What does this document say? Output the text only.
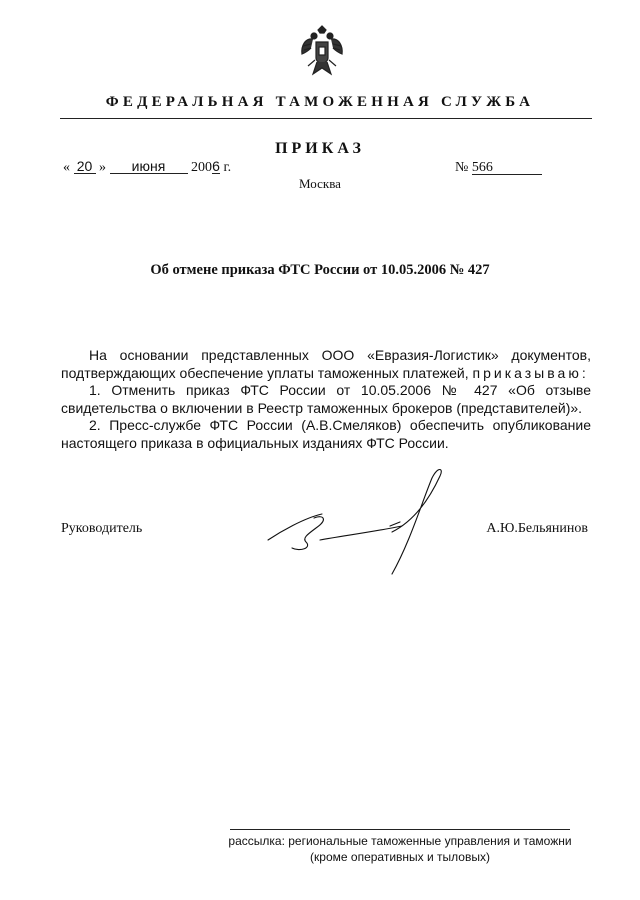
ФЕДЕРАЛЬНАЯ ТАМОЖЕННАЯ СЛУЖБА
ПРИКАЗ
« 20 » июня 2006 г.	№ 566
Москва
Об отмене приказа ФТС России от 10.05.2006 № 427

На основании представленных ООО «Евразия-Логистик» документов, подтверждающих обеспечение уплаты таможенных платежей, приказываю:

1. Отменить приказ ФТС России от 10.05.2006 № 427 «Об отзыве свидетельства о включении в Реестр таможенных брокеров (представителей)».

2. Пресс-службе ФТС России (А.В.Смеляков) обеспечить опубликование настоящего приказа в официальных изданиях ФТС России.

Руководитель	А.Ю.Бельянинов
рассылка: региональные таможенные управления и таможни
(кроме оперативных и тыловых)
